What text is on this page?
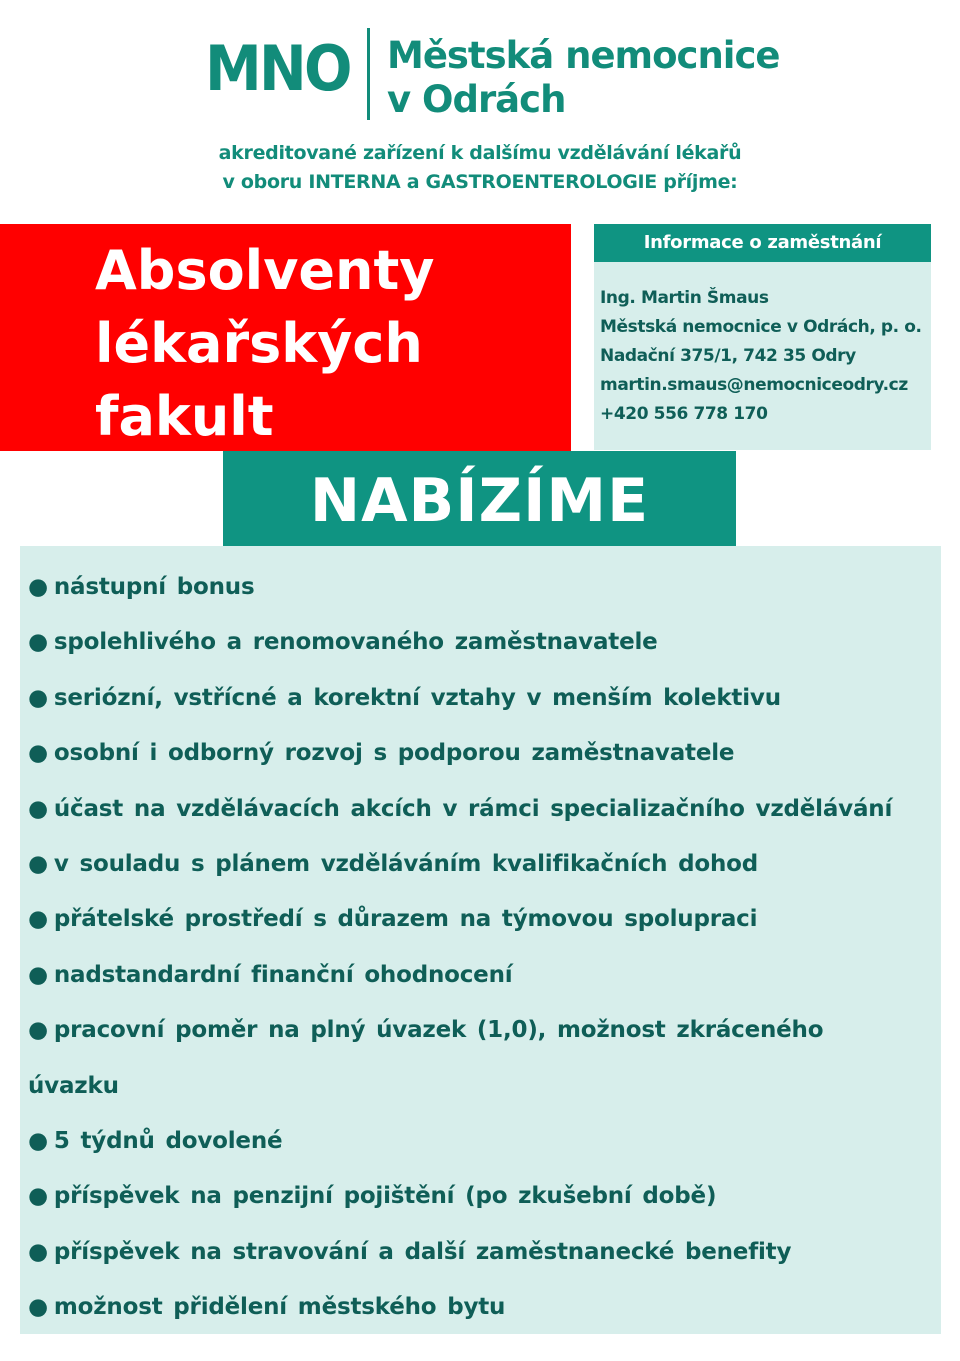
MNO Městská nemocnice
v Odrách
akreditované zařízení k dalšímu vzdělávání lékařů
v oboru INTERNA a GASTROENTEROLOGIE příjme:
Absolventy
lékařských
fakult
Informace o zaměstnání
Ing. Martin Šmaus
Městská nemocnice v Odrách, p. o.
Nadační 375/1, 742 35 Odry
martin.smaus@nemocniceodry.cz
+420 556 778 170
NABÍZÍME
● nástupní bonus
● spolehlivého a renomovaného zaměstnavatele
● seriózní, vstřícné a korektní vztahy v menším kolektivu
● osobní i odborný rozvoj s podporou zaměstnavatele
● účast na vzdělávacích akcích v rámci specializačního vzdělávání
● v souladu s plánem vzděláváním kvalifikačních dohod
● přátelské prostředí s důrazem na týmovou spolupraci
● nadstandardní finanční ohodnocení
● pracovní poměr na plný úvazek (1,0), možnost zkráceného
úvazku
● 5 týdnů dovolené
● příspěvek na penzijní pojištění (po zkušební době)
● příspěvek na stravování a další zaměstnanecké benefity
● možnost přidělení městského bytu
